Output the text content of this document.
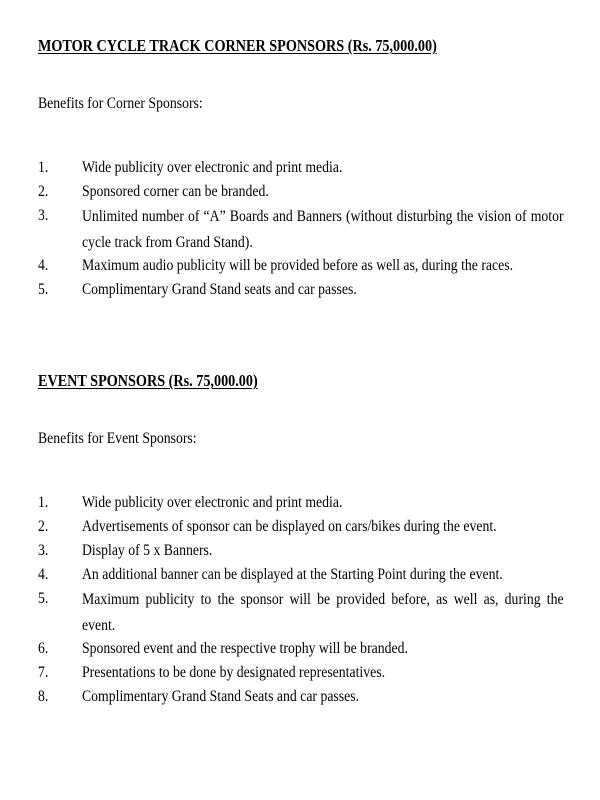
MOTOR CYCLE TRACK CORNER SPONSORS (Rs. 75,000.00)
Benefits for Corner Sponsors:
1. Wide publicity over electronic and print media.
2. Sponsored corner can be branded.
3. Unlimited number of “A” Boards and Banners (without disturbing the vision of motor cycle track from Grand Stand).
4. Maximum audio publicity will be provided before as well as, during the races.
5. Complimentary Grand Stand seats and car passes.
EVENT SPONSORS (Rs. 75,000.00)
Benefits for Event Sponsors:
1. Wide publicity over electronic and print media.
2. Advertisements of sponsor can be displayed on cars/bikes during the event.
3. Display of 5 x Banners.
4. An additional banner can be displayed at the Starting Point during the event.
5. Maximum publicity to the sponsor will be provided before, as well as, during the event.
6. Sponsored event and the respective trophy will be branded.
7. Presentations to be done by designated representatives.
8. Complimentary Grand Stand Seats and car passes.
